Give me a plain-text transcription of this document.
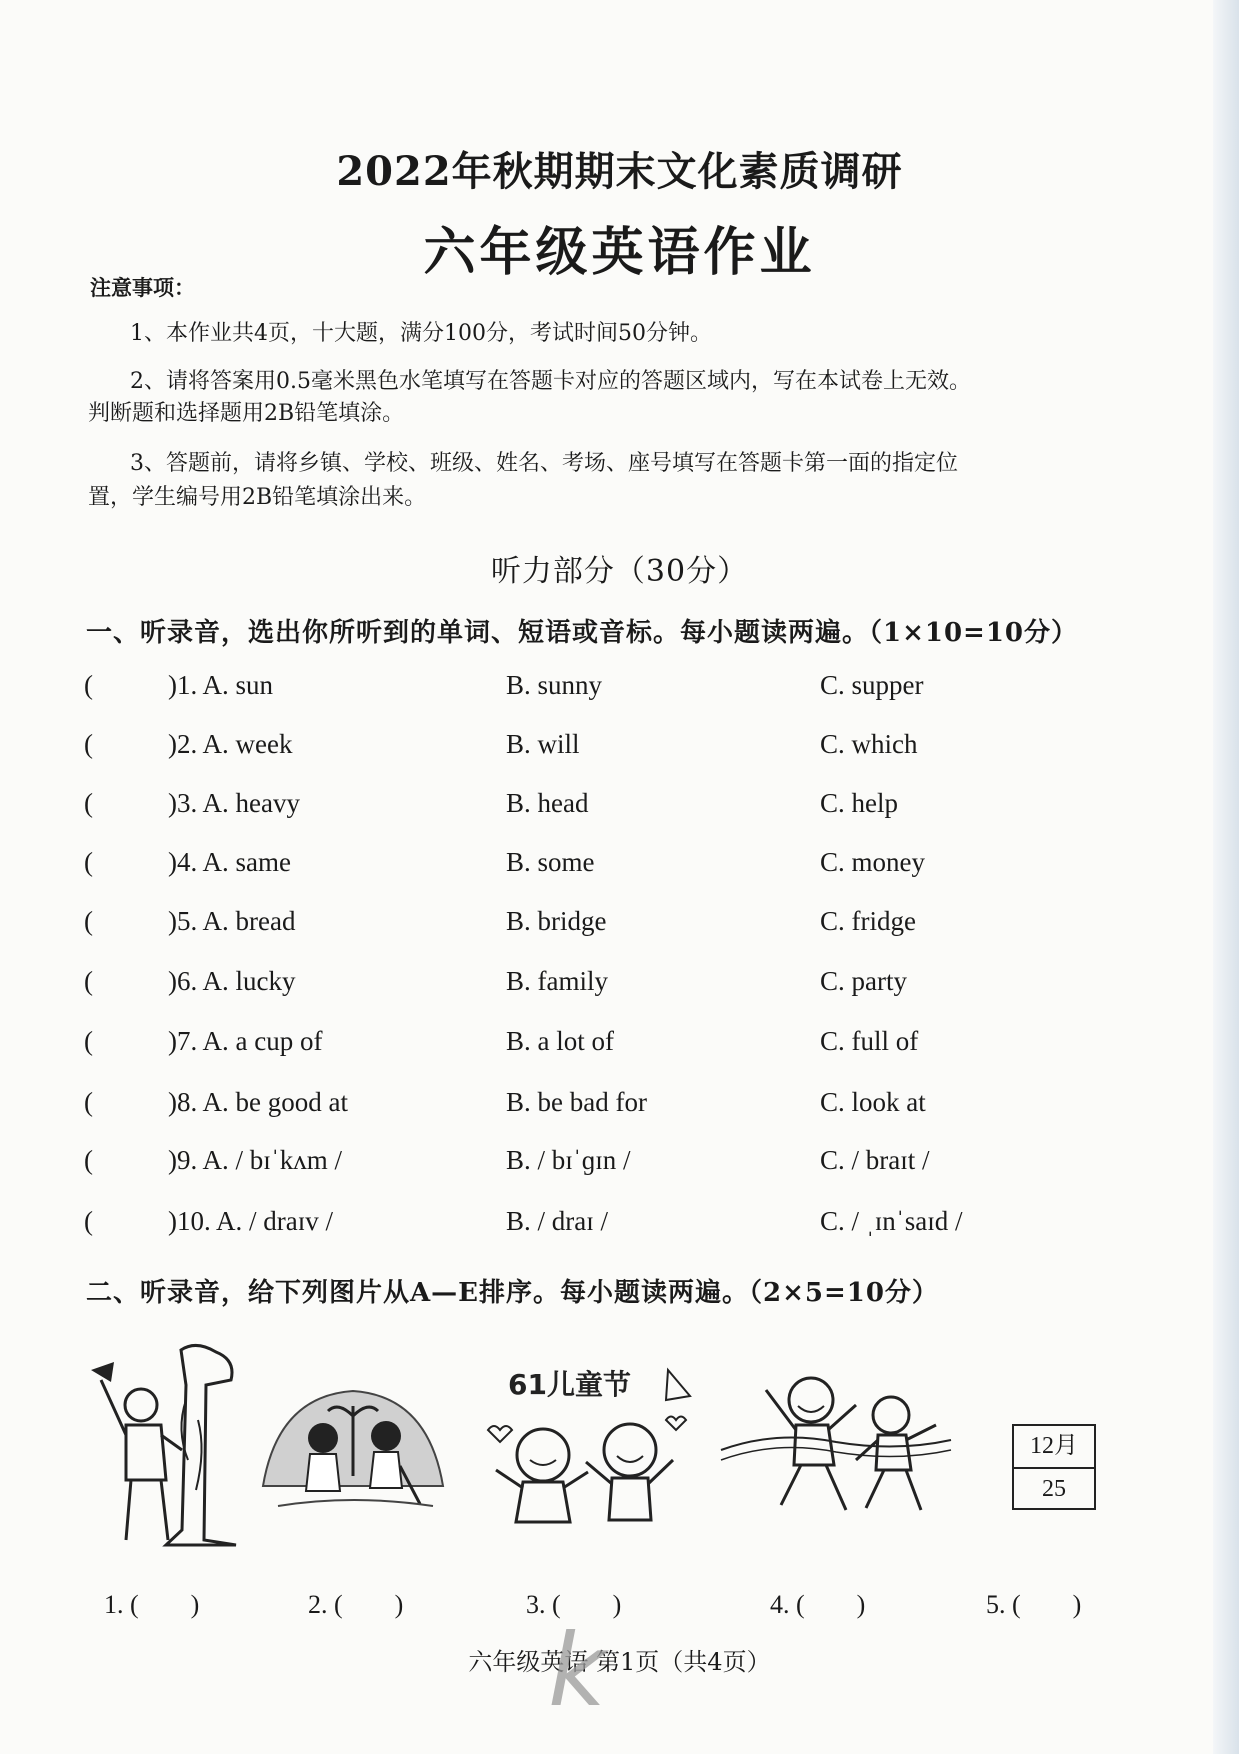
2022年秋期期末文化素质调研
六年级英语作业
注意事项：
1、本作业共4页，十大题，满分100分，考试时间50分钟。
2、请将答案用0.5毫米黑色水笔填写在答题卡对应的答题区域内，写在本试卷上无效。
判断题和选择题用2B铅笔填涂。
3、答题前，请将乡镇、学校、班级、姓名、考场、座号填写在答题卡第一面的指定位
置，学生编号用2B铅笔填涂出来。
听力部分（30分）
一、听录音，选出你所听到的单词、短语或音标。每小题读两遍。（1×10=10分）
(	)1. A. sun	B. sunny	C. supper
(	)2. A. week	B. will	C. which
(	)3. A. heavy	B. head	C. help
(	)4. A. same	B. some	C. money
(	)5. A. bread	B. bridge	C. fridge
(	)6. A. lucky	B. family	C. party
(	)7. A. a cup of	B. a lot of	C. full of
(	)8. A. be good at	B. be bad for	C. look at
(	)9. A. / bɪˈkʌm /	B. / bɪˈɡɪn /	C. / braɪt /
(	)10. A. / draɪv /	B. / draɪ /	C. / ˌɪnˈsaɪd /
二、听录音，给下列图片从A—E排序。每小题读两遍。（2×5=10分）
61儿童节
12月
25
1. (　　)	2. (　　)	3. (　　)	4. (　　)	5. (　　)
六年级英语 第1页（共4页）
k
